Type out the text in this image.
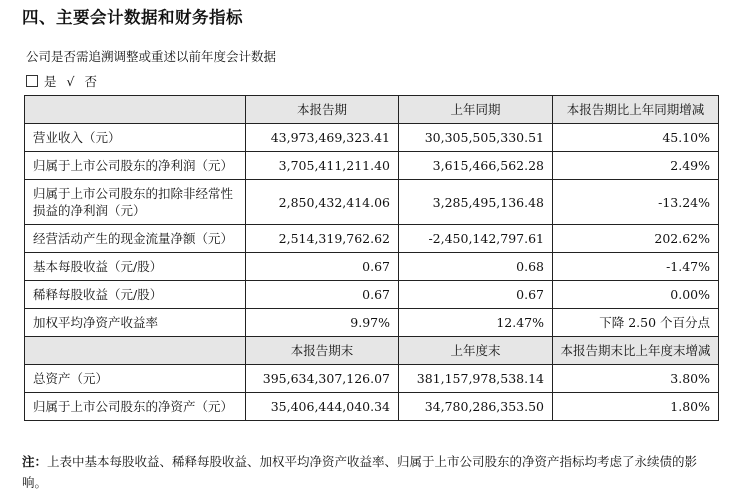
四、主要会计数据和财务指标
公司是否需追溯调整或重述以前年度会计数据
是 √ 否
	本报告期	上年同期	本报告期比上年同期增减
营业收入（元）	43,973,469,323.41	30,305,505,330.51	45.10%
归属于上市公司股东的净利润（元）	3,705,411,211.40	3,615,466,562.28	2.49%
归属于上市公司股东的扣除非经常性损益的净利润（元）	2,850,432,414.06	3,285,495,136.48	-13.24%
经营活动产生的现金流量净额（元）	2,514,319,762.62	-2,450,142,797.61	202.62%
基本每股收益（元/股）	0.67	0.68	-1.47%
稀释每股收益（元/股）	0.67	0.67	0.00%
加权平均净资产收益率	9.97%	12.47%	下降 2.50 个百分点
	本报告期末	上年度末	本报告期末比上年度末增减
总资产（元）	395,634,307,126.07	381,157,978,538.14	3.80%
归属于上市公司股东的净资产（元）	35,406,444,040.34	34,780,286,353.50	1.80%
注：上表中基本每股收益、稀释每股收益、加权平均净资产收益率、归属于上市公司股东的净资产指标均考虑了永续债的影响。
